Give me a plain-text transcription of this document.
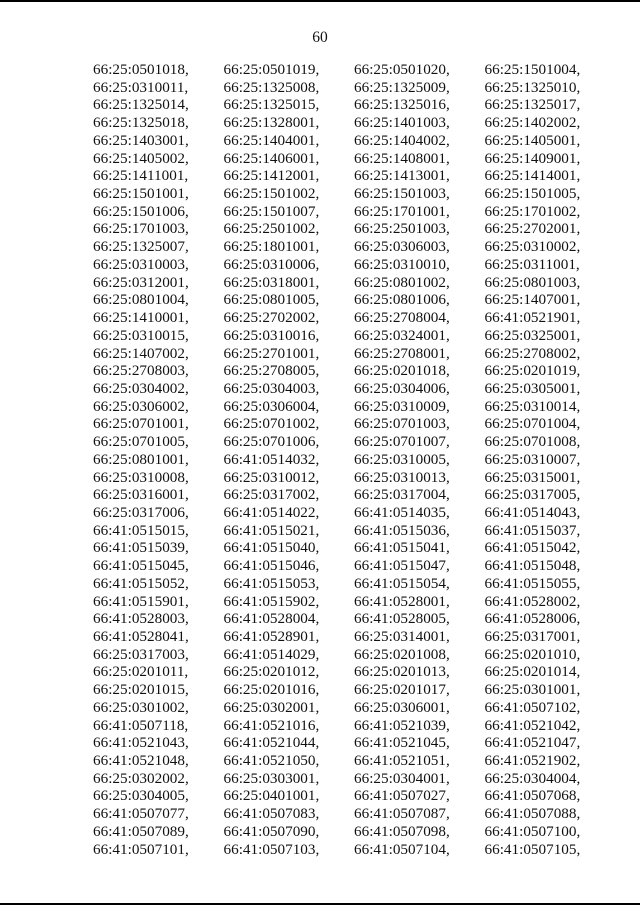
60
66:25:0501018,	66:25:0501019,	66:25:0501020,	66:25:1501004,
66:25:0310011,	66:25:1325008,	66:25:1325009,	66:25:1325010,
66:25:1325014,	66:25:1325015,	66:25:1325016,	66:25:1325017,
66:25:1325018,	66:25:1328001,	66:25:1401003,	66:25:1402002,
66:25:1403001,	66:25:1404001,	66:25:1404002,	66:25:1405001,
66:25:1405002,	66:25:1406001,	66:25:1408001,	66:25:1409001,
66:25:1411001,	66:25:1412001,	66:25:1413001,	66:25:1414001,
66:25:1501001,	66:25:1501002,	66:25:1501003,	66:25:1501005,
66:25:1501006,	66:25:1501007,	66:25:1701001,	66:25:1701002,
66:25:1701003,	66:25:2501002,	66:25:2501003,	66:25:2702001,
66:25:1325007,	66:25:1801001,	66:25:0306003,	66:25:0310002,
66:25:0310003,	66:25:0310006,	66:25:0310010,	66:25:0311001,
66:25:0312001,	66:25:0318001,	66:25:0801002,	66:25:0801003,
66:25:0801004,	66:25:0801005,	66:25:0801006,	66:25:1407001,
66:25:1410001,	66:25:2702002,	66:25:2708004,	66:41:0521901,
66:25:0310015,	66:25:0310016,	66:25:0324001,	66:25:0325001,
66:25:1407002,	66:25:2701001,	66:25:2708001,	66:25:2708002,
66:25:2708003,	66:25:2708005,	66:25:0201018,	66:25:0201019,
66:25:0304002,	66:25:0304003,	66:25:0304006,	66:25:0305001,
66:25:0306002,	66:25:0306004,	66:25:0310009,	66:25:0310014,
66:25:0701001,	66:25:0701002,	66:25:0701003,	66:25:0701004,
66:25:0701005,	66:25:0701006,	66:25:0701007,	66:25:0701008,
66:25:0801001,	66:41:0514032,	66:25:0310005,	66:25:0310007,
66:25:0310008,	66:25:0310012,	66:25:0310013,	66:25:0315001,
66:25:0316001,	66:25:0317002,	66:25:0317004,	66:25:0317005,
66:25:0317006,	66:41:0514022,	66:41:0514035,	66:41:0514043,
66:41:0515015,	66:41:0515021,	66:41:0515036,	66:41:0515037,
66:41:0515039,	66:41:0515040,	66:41:0515041,	66:41:0515042,
66:41:0515045,	66:41:0515046,	66:41:0515047,	66:41:0515048,
66:41:0515052,	66:41:0515053,	66:41:0515054,	66:41:0515055,
66:41:0515901,	66:41:0515902,	66:41:0528001,	66:41:0528002,
66:41:0528003,	66:41:0528004,	66:41:0528005,	66:41:0528006,
66:41:0528041,	66:41:0528901,	66:25:0314001,	66:25:0317001,
66:25:0317003,	66:41:0514029,	66:25:0201008,	66:25:0201010,
66:25:0201011,	66:25:0201012,	66:25:0201013,	66:25:0201014,
66:25:0201015,	66:25:0201016,	66:25:0201017,	66:25:0301001,
66:25:0301002,	66:25:0302001,	66:25:0306001,	66:41:0507102,
66:41:0507118,	66:41:0521016,	66:41:0521039,	66:41:0521042,
66:41:0521043,	66:41:0521044,	66:41:0521045,	66:41:0521047,
66:41:0521048,	66:41:0521050,	66:41:0521051,	66:41:0521902,
66:25:0302002,	66:25:0303001,	66:25:0304001,	66:25:0304004,
66:25:0304005,	66:25:0401001,	66:41:0507027,	66:41:0507068,
66:41:0507077,	66:41:0507083,	66:41:0507087,	66:41:0507088,
66:41:0507089,	66:41:0507090,	66:41:0507098,	66:41:0507100,
66:41:0507101,	66:41:0507103,	66:41:0507104,	66:41:0507105,
